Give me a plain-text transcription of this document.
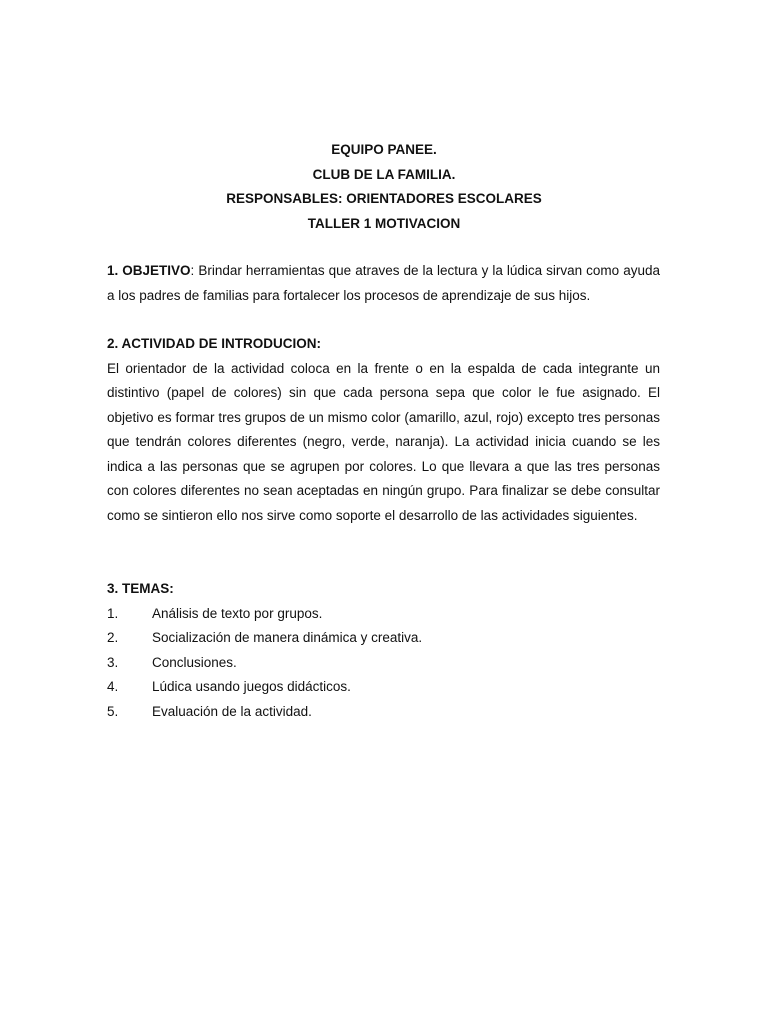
EQUIPO PANEE.
CLUB DE LA FAMILIA.
RESPONSABLES: ORIENTADORES ESCOLARES
TALLER 1 MOTIVACION

1. OBJETIVO: Brindar herramientas que atraves de la lectura y la lúdica sirvan como ayuda a los padres de familias para fortalecer los procesos de aprendizaje de sus hijos.

2. ACTIVIDAD DE INTRODUCION:

El orientador de la actividad coloca en la frente o en la espalda de cada integrante un distintivo (papel de colores) sin que cada persona sepa que color le fue asignado. El objetivo es formar tres grupos de un mismo color (amarillo, azul, rojo) excepto tres personas que tendrán colores diferentes (negro, verde, naranja). La actividad inicia cuando se les indica a las personas que se agrupen por colores. Lo que llevara a que las tres personas con colores diferentes no sean aceptadas en ningún grupo. Para finalizar se debe consultar como se sintieron ello nos sirve como soporte el desarrollo de las actividades siguientes.

3. TEMAS:

1.	Análisis de texto por grupos.
2.	Socialización de manera dinámica y creativa.
3.	Conclusiones.
4.	Lúdica usando juegos didácticos.
5.	Evaluación de la actividad.
